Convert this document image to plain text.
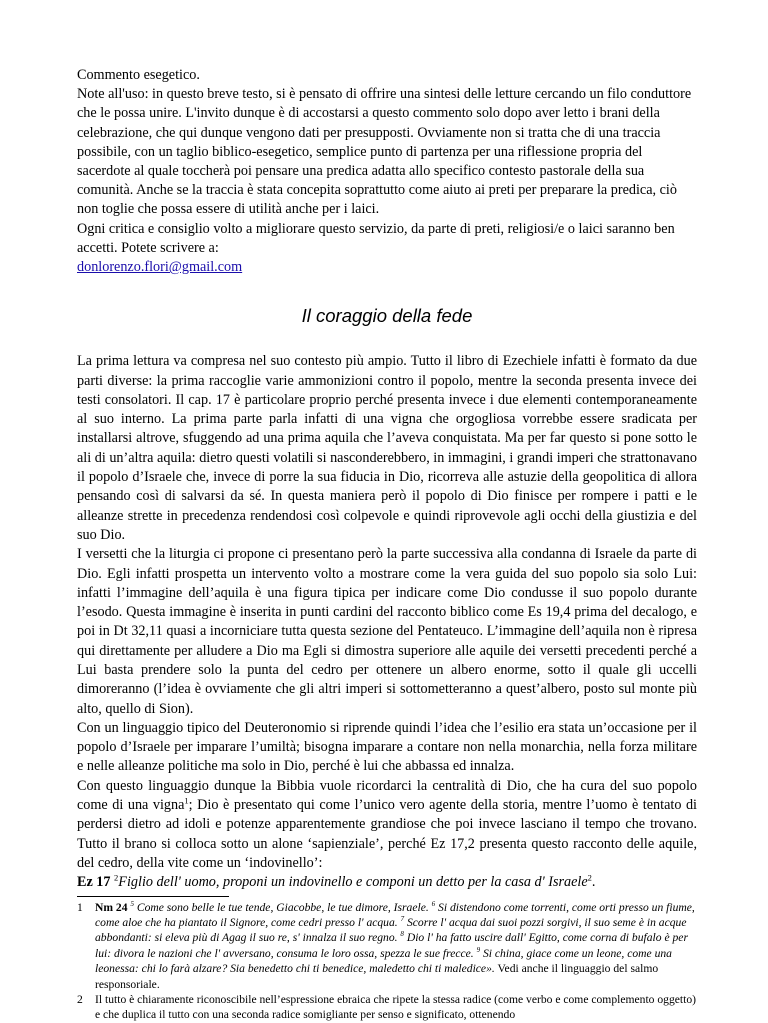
Commento esegetico.

Note all'uso: in questo breve testo, si è pensato di offrire una sintesi delle letture cercando un filo conduttore che le possa unire. L'invito dunque è di accostarsi a questo commento solo dopo aver letto i brani della celebrazione, che qui dunque vengono dati per presupposti. Ovviamente non si tratta che di una traccia possibile, con un taglio biblico-esegetico, semplice punto di partenza per una riflessione propria del sacerdote al quale toccherà poi pensare una predica adatta allo specifico contesto pastorale della sua comunità. Anche se la traccia è stata concepita soprattutto come aiuto ai preti per preparare la predica, ciò non toglie che possa essere di utilità anche per i laici.

Ogni critica e consiglio volto a migliorare questo servizio, da parte di preti, religiosi/e o laici saranno ben accetti. Potete scrivere a:

donlorenzo.flori@gmail.com

Il coraggio della fede

La prima lettura va compresa nel suo contesto più ampio. Tutto il libro di Ezechiele infatti è formato da due parti diverse: la prima raccoglie varie ammonizioni contro il popolo, mentre la seconda presenta invece dei testi consolatori. Il cap. 17 è particolare proprio perché presenta invece i due elementi contemporaneamente al suo interno. La prima parte parla infatti di una vigna che orgogliosa vorrebbe essere sradicata per installarsi altrove, sfuggendo ad una prima aquila che l’aveva conquistata. Ma per far questo si pone sotto le ali di un’altra aquila: dietro questi volatili si nasconderebbero, in immagini, i grandi imperi che strattonavano il popolo d’Israele che, invece di porre la sua fiducia in Dio, ricorreva alle astuzie della geopolitica di allora pensando così di salvarsi da sé. In questa maniera però il popolo di Dio finisce per rompere i patti e le alleanze strette in precedenza rendendosi così colpevole e quindi riprovevole agli occhi della giustizia e del suo Dio.

I versetti che la liturgia ci propone ci presentano però la parte successiva alla condanna di Israele da parte di Dio. Egli infatti prospetta un intervento volto a mostrare come la vera guida del suo popolo sia solo Lui: infatti l’immagine dell’aquila è una figura tipica per indicare come Dio condusse il suo popolo durante l’esodo. Questa immagine è inserita in punti cardini del racconto biblico come Es 19,4 prima del decalogo, e poi in Dt 32,11 quasi a incorniciare tutta questa sezione del Pentateuco. L’immagine dell’aquila non è ripresa qui direttamente per alludere a Dio ma Egli si dimostra superiore alle aquile dei versetti precedenti perché a Lui basta prendere solo la punta del cedro per ottenere un albero enorme, sotto il quale gli uccelli dimoreranno (l’idea è ovviamente che gli altri imperi si sottometteranno a quest’albero, posto sul monte più alto, quello di Sion).

Con un linguaggio tipico del Deuteronomio si riprende quindi l’idea che l’esilio era stata un’occasione per il popolo d’Israele per imparare l’umiltà; bisogna imparare a contare non nella monarchia, nella forza militare e nelle alleanze politiche ma solo in Dio, perché è lui che abbassa ed innalza.

Con questo linguaggio dunque la Bibbia vuole ricordarci la centralità di Dio, che ha cura del suo popolo come di una vigna$^1$; Dio è presentato qui come l’unico vero agente della storia, mentre l’uomo è tentato di perdersi dietro ad idoli e potenze apparentemente grandiose che poi invece lasciano il tempo che trovano. Tutto il brano si colloca sotto un alone ‘sapienziale’, perché Ez 17,2 presenta questo racconto delle aquile, del cedro, della vite come un ‘indovinello’:

Ez 17 $^2$Figlio dell' uomo, proponi un indovinello e componi un detto per la casa d' Israele$^2$.
1	Nm 24 $^5$ Come sono belle le tue tende, Giacobbe, le tue dimore, Israele. $^6$ Si distendono come torrenti, come orti presso un fiume, come aloe che ha piantato il Signore, come cedri presso l' acqua. $^7$ Scorre l' acqua dai suoi pozzi sorgivi, il suo seme è in acque abbondanti: si eleva più di Agag il suo re, s' innalza il suo regno. $^8$ Dio l' ha fatto uscire dall' Egitto, come corna di bufalo è per lui: divora le nazioni che l' avversano, consuma le loro ossa, spezza le sue frecce. $^9$ Si china, giace come un leone, come una leonessa: chi lo farà alzare? Sia benedetto chi ti benedice, maledetto chi ti maledice». Vedi anche il linguaggio del salmo responsoriale.
2	Il tutto è chiaramente riconoscibile nell’espressione ebraica che ripete la stessa radice (come verbo e come complemento oggetto) e che duplica il tutto con una seconda radice somigliante per senso e significato, ottenendo
